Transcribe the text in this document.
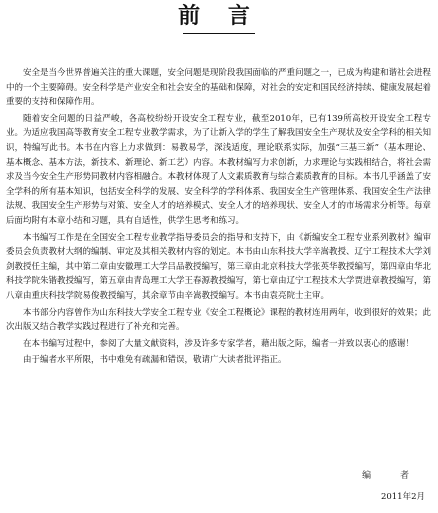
前 言

安全是当今世界普遍关注的重大课题，安全问题是现阶段我国面临的严重问题之一，已成为构建和谐社会进程中的一个主要障碍。安全科学是产业安全和社会安全的基础和保障，对社会的安定和国民经济持续、健康发展起着重要的支持和保障作用。

随着安全问题的日益严峻，各高校纷纷开设安全工程专业，截至2010年，已有139所高校开设安全工程专业。为适应我国高等教育安全工程专业教学需求，为了让新入学的学生了解我国安全生产现状及安全学科的相关知识，特编写此书。本书在内容上力求做到：易教易学，深浅适度，理论联系实际，加强“三基三新”（基本理论、基本概念、基本方法，新技术、新理论、新工艺）内容。本教材编写力求创新，力求理论与实践相结合，将社会需求及当今安全生产形势同教材内容相融合。本教材体现了人文素质教育与综合素质教育的目标。本书几乎涵盖了安全学科的所有基本知识，包括安全科学的发展、安全科学的学科体系、我国安全生产管理体系、我国安全生产法律法规、我国安全生产形势与对策、安全人才的培养模式、安全人才的培养现状、安全人才的市场需求分析等。每章后面均附有本章小结和习题，具有自适性，供学生思考和练习。

本书编写工作是在全国安全工程专业教学指导委员会的指导和支持下，由《新编安全工程专业系列教材》编审委员会负责教材大纲的编制、审定及其相关教材内容的划定。本书由山东科技大学辛嵩教授、辽宁工程技术大学刘剑教授任主编，其中第二章由安徽理工大学吕品教授编写，第三章由北京科技大学张英华教授编写，第四章由华北科技学院朱锴教授编写，第五章由青岛理工大学王春源教授编写，第七章由辽宁工程技术大学贾进章教授编写，第八章由重庆科技学院易俊教授编写，其余章节由辛嵩教授编写。本书由袁亮院士主审。

本书部分内容曾作为山东科技大学安全工程专业《安全工程概论》课程的教材连用两年，收到很好的效果；此次出版又结合教学实践过程进行了补充和完善。

在本书编写过程中，参阅了大量文献资料，涉及许多专家学者，藉出版之际，编者一并致以衷心的感谢！

由于编者水平所限，书中难免有疏漏和错误，敬请广大读者批评指正。

编 者
2011年2月
